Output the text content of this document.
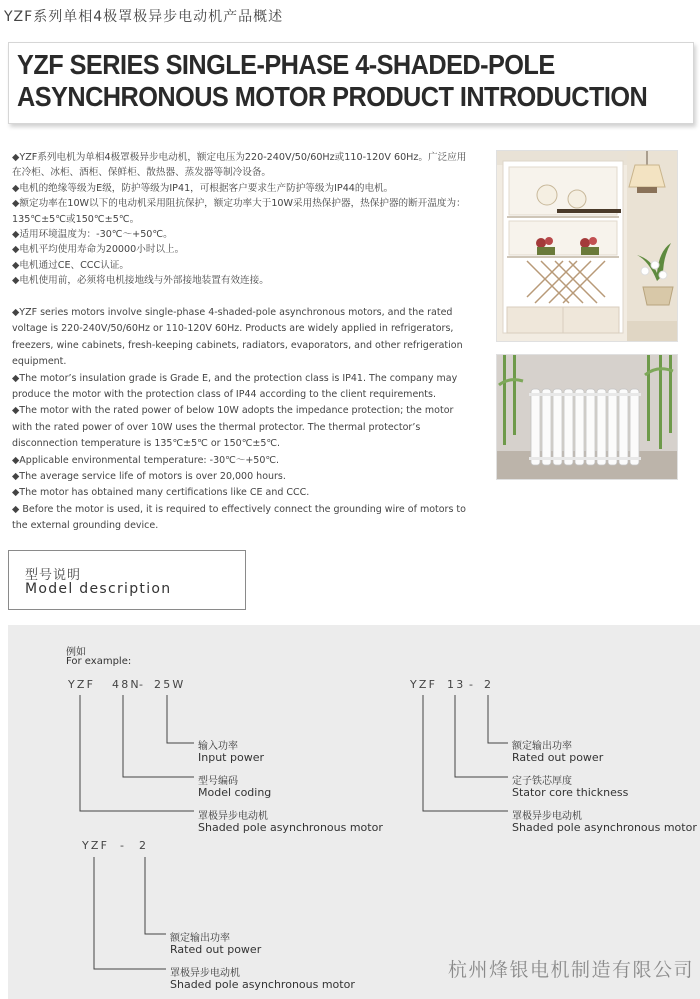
YZF系列单相4极罩极异步电动机产品概述
YZF SERIES SINGLE-PHASE 4-SHADED-POLE
ASYNCHRONOUS MOTOR PRODUCT INTRODUCTION

◆YZF系列电机为单相4极罩极异步电动机，额定电压为220-240V/50/60Hz或110-120V 60Hz。广泛应用在冷柜、冰柜、酒柜、保鲜柜、散热器、蒸发器等制冷设备。

◆电机的绝缘等级为E级，防护等级为IP41，可根据客户要求生产防护等级为IP44的电机。

◆额定功率在10W以下的电动机采用阻抗保护，额定功率大于10W采用热保护器，热保护器的断开温度为：135℃±5℃或150℃±5℃。

◆适用环境温度为：-30℃～+50℃。

◆电机平均使用寿命为20000小时以上。

◆电机通过CE、CCC认证。

◆电机使用前，必须将电机接地线与外部接地装置有效连接。

◆YZF series motors involve single-phase 4-shaded-pole asynchronous motors, and the rated voltage is 220-240V/50/60Hz or 110-120V 60Hz. Products are widely applied in refrigerators, freezers, wine cabinets, fresh-keeping cabinets, radiators, evaporators, and other refrigeration equipment.

◆The motor’s insulation grade is Grade E, and the protection class is IP41. The company may produce the motor with the protection class of IP44 according to the client requirements.

◆The motor with the rated power of below 10W adopts the impedance protection; the motor with the rated power of over 10W uses the thermal protector. The thermal protector’s disconnection temperature is 135℃±5℃ or 150℃±5℃.

◆Applicable environmental temperature: -30℃～+50℃.

◆The average service life of motors is over 20,000 hours.

◆The motor has obtained many certifications like CE and CCC.

◆ Before the motor is used, it is required to effectively connect the grounding wire of motors to the external grounding device.

型号说明
Model description
例如
For example:
YZF 48N
- 25W
输入功率
Input power
型号编码
Model coding
罩极异步电动机
Shaded pole asynchronous motor
YZF 13 - 2
额定输出功率
Rated out power
定子铁芯厚度
Stator core thickness
罩极异步电动机
Shaded pole asynchronous motor
YZF - 2
额定输出功率
Rated out power
罩极异步电动机
Shaded pole asynchronous motor
杭州烽银电机制造有限公司
